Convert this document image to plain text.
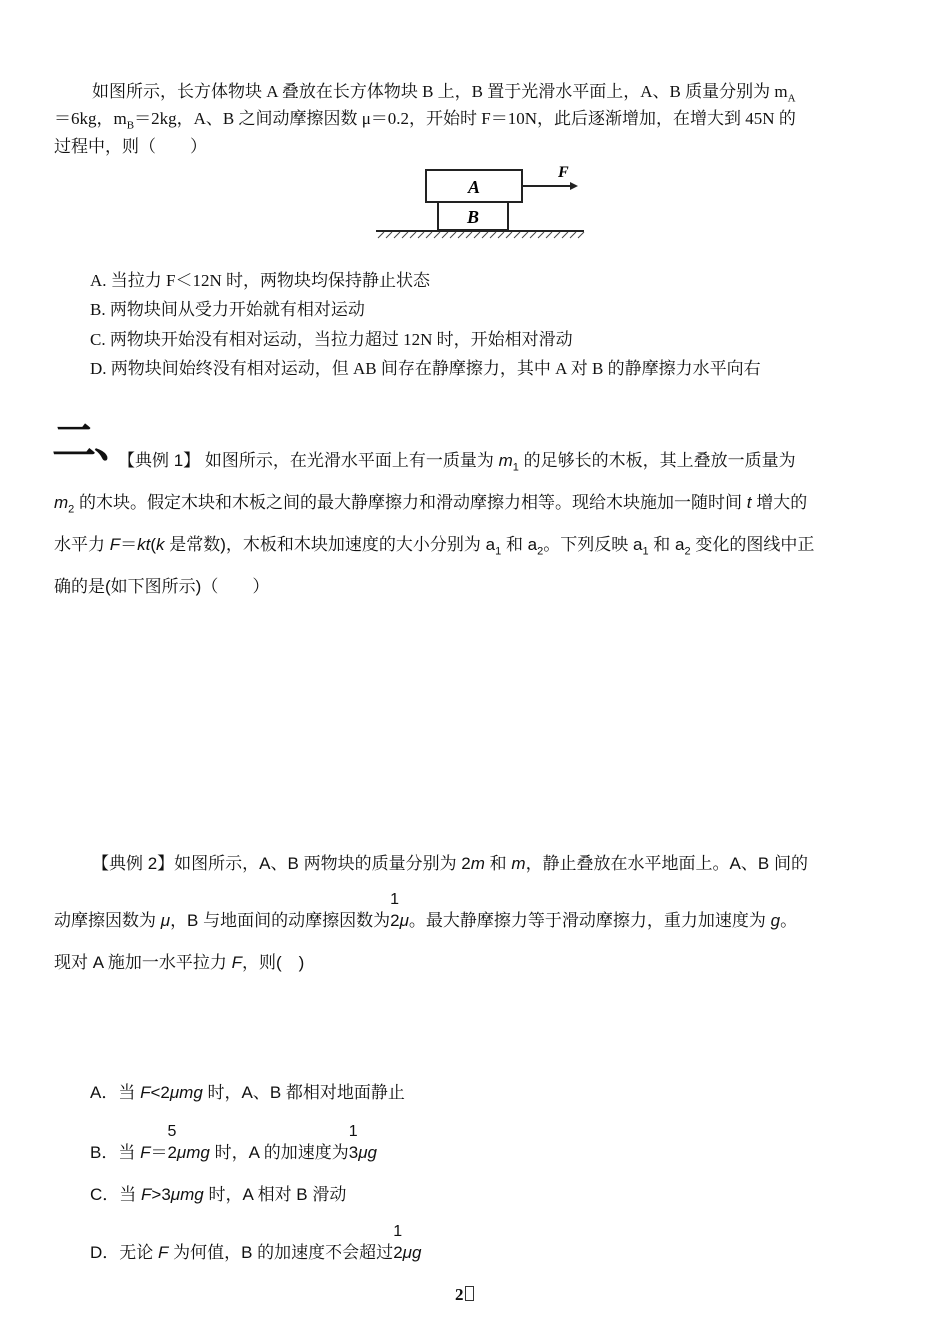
如图所示，长方体物块 A 叠放在长方体物块 B 上，B 置于光滑水平面上，A、B 质量分别为 $m_A$
＝6kg，$m_B=2kg$，A、B 之间动摩擦因数 μ＝0.2，开始时 F＝10N，此后逐渐增加，在增大到 45N 的
过程中，则（　　）
A
B
F
A. 当拉力 F＜12N 时，两物块均保持静止状态
B. 两物块间从受力开始就有相对运动
C. 两物块开始没有相对运动，当拉力超过 12N 时，开始相对滑动
D. 两物块间始终没有相对运动，但 AB 间存在静摩擦力，其中 A 对 B 的静摩擦力水平向右
二、
【典例 1】 如图所示，在光滑水平面上有一质量为 $m_1$ 的足够长的木板，其上叠放一质量为
$m_2$ 的木块。假定木块和木板之间的最大静摩擦力和滑动摩擦力相等。现给木块施加一随时间 t 增大的
水平力 F＝kt(k 是常数)，木板和木块加速度的大小分别为 $a_1$ 和 $a_2$。下列反映 $a_1$ 和 $a_2$ 变化的图线中正
确的是(如下图所示)（　　）
【典例 2】如图所示，A、B 两物块的质量分别为 2m 和 m，静止叠放在水平地面上。A、B 间的
动摩擦因数为 μ，B 与地面间的动摩擦因数为
1
2μ。最大静摩擦力等于滑动摩擦力，重力加速度为 g。
现对 A 施加一水平拉力 F，则(　)
A．当 F<2μmg 时，A、B 都相对地面静止
B．当 F＝
5
2μmg 时，A 的加速度为
1
3μg
C．当 F>3μmg 时，A 相对 B 滑动
D．无论 F 为何值，B 的加速度不会超过
1
2μg
2
